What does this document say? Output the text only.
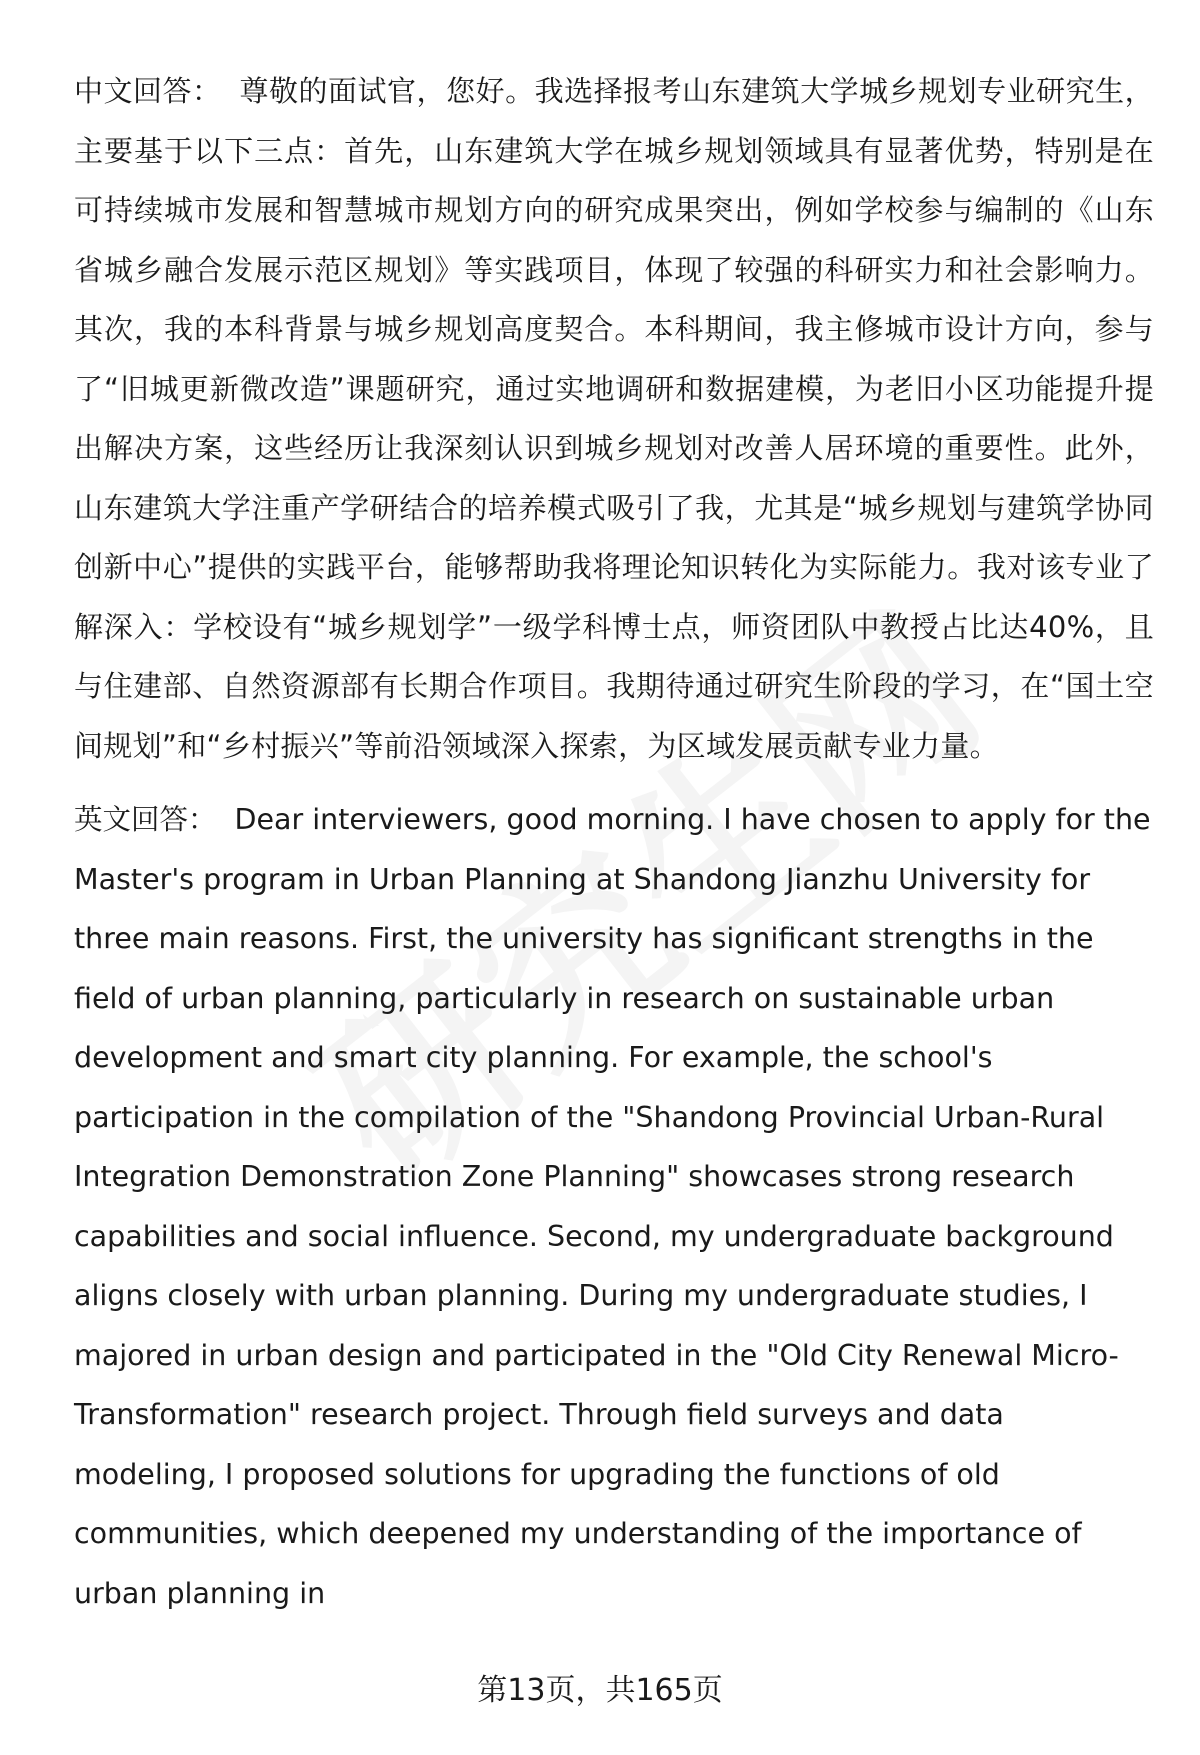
中文回答： 尊敬的面试官，您好。我选择报考山东建筑大学城乡规划专业研究生，主要基于以下三点：首先，山东建筑大学在城乡规划领域具有显著优势，特别是在可持续城市发展和智慧城市规划方向的研究成果突出，例如学校参与编制的《山东省城乡融合发展示范区规划》等实践项目，体现了较强的科研实力和社会影响力。其次，我的本科背景与城乡规划高度契合。本科期间，我主修城市设计方向，参与了“旧城更新微改造”课题研究，通过实地调研和数据建模，为老旧小区功能提升提出解决方案，这些经历让我深刻认识到城乡规划对改善人居环境的重要性。此外，山东建筑大学注重产学研结合的培养模式吸引了我，尤其是“城乡规划与建筑学协同创新中心”提供的实践平台，能够帮助我将理论知识转化为实际能力。我对该专业了解深入：学校设有“城乡规划学”一级学科博士点，师资团队中教授占比达40%，且与住建部、自然资源部有长期合作项目。我期待通过研究生阶段的学习，在“国土空间规划”和“乡村振兴”等前沿领域深入探索，为区域发展贡献专业力量。

英文回答： Dear interviewers, good morning. I have chosen to apply for the Master's program in Urban Planning at Shandong Jianzhu University for three main reasons. First, the university has significant strengths in the field of urban planning, particularly in research on sustainable urban development and smart city planning. For example, the school's participation in the compilation of the "Shandong Provincial Urban-Rural Integration Demonstration Zone Planning" showcases strong research capabilities and social influence. Second, my undergraduate background aligns closely with urban planning. During my undergraduate studies, I majored in urban design and participated in the "Old City Renewal Micro-Transformation" research project. Through field surveys and data modeling, I proposed solutions for upgrading the functions of old communities, which deepened my understanding of the importance of urban planning in

第13页，共165页
